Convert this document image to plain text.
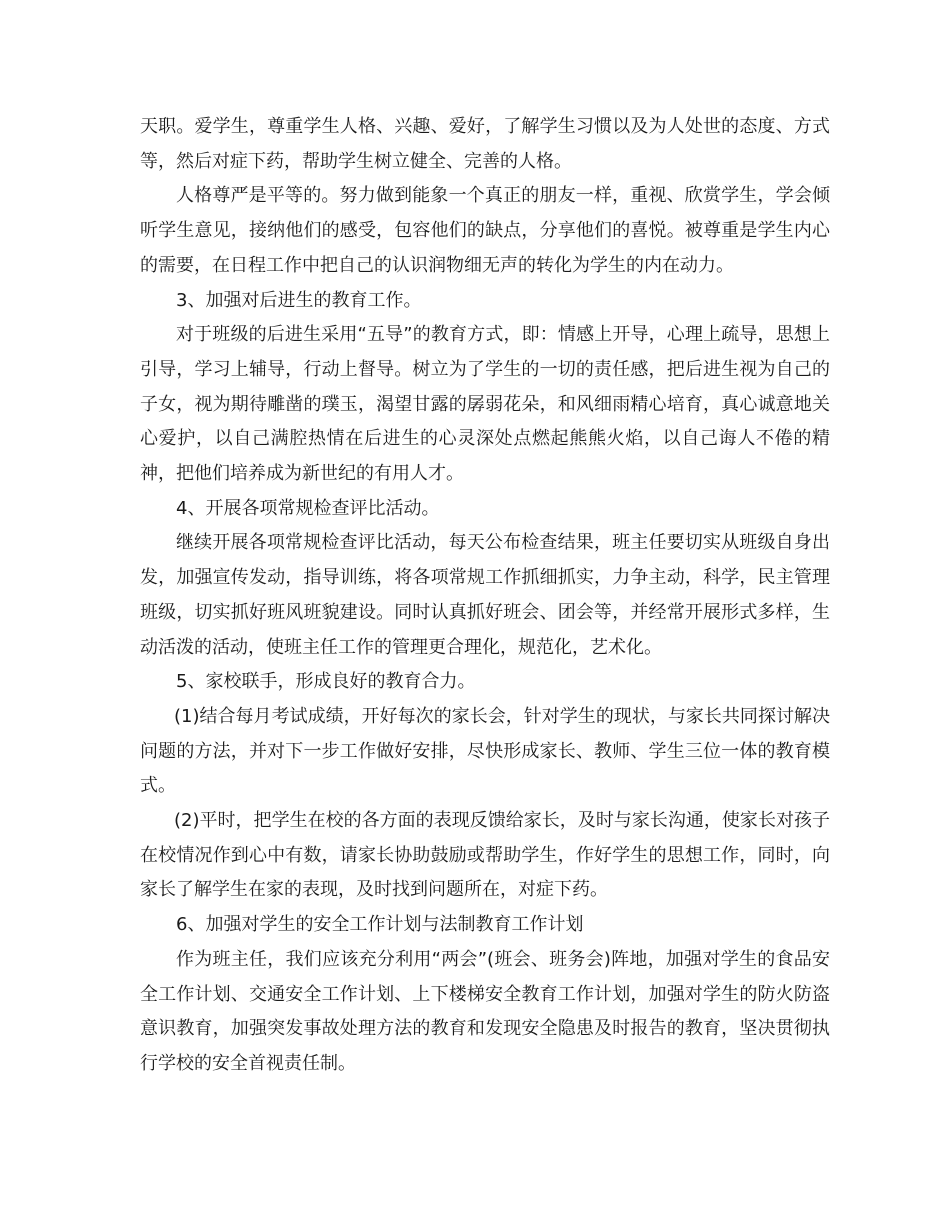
天职。爱学生，尊重学生人格、兴趣、爱好，了解学生习惯以及为人处世的态度、方式等，然后对症下药，帮助学生树立健全、完善的人格。

人格尊严是平等的。努力做到能象一个真正的朋友一样，重视、欣赏学生，学会倾听学生意见，接纳他们的感受，包容他们的缺点，分享他们的喜悦。被尊重是学生内心的需要，在日程工作中把自己的认识润物细无声的转化为学生的内在动力。

3、加强对后进生的教育工作。

对于班级的后进生采用“五导”的教育方式，即：情感上开导，心理上疏导，思想上引导，学习上辅导，行动上督导。树立为了学生的一切的责任感，把后进生视为自己的子女，视为期待雕凿的璞玉，渴望甘露的孱弱花朵，和风细雨精心培育，真心诚意地关心爱护，以自己满腔热情在后进生的心灵深处点燃起熊熊火焰，以自己诲人不倦的精神，把他们培养成为新世纪的有用人才。

4、开展各项常规检查评比活动。

继续开展各项常规检查评比活动，每天公布检查结果，班主任要切实从班级自身出发，加强宣传发动，指导训练，将各项常规工作抓细抓实，力争主动，科学，民主管理班级，切实抓好班风班貌建设。同时认真抓好班会、团会等，并经常开展形式多样，生动活泼的活动，使班主任工作的管理更合理化，规范化，艺术化。

5、家校联手，形成良好的教育合力。

(1)结合每月考试成绩，开好每次的家长会，针对学生的现状，与家长共同探讨解决问题的方法，并对下一步工作做好安排，尽快形成家长、教师、学生三位一体的教育模式。

(2)平时，把学生在校的各方面的表现反馈给家长，及时与家长沟通，使家长对孩子在校情况作到心中有数，请家长协助鼓励或帮助学生，作好学生的思想工作，同时，向家长了解学生在家的表现，及时找到问题所在，对症下药。

6、加强对学生的安全工作计划与法制教育工作计划

作为班主任，我们应该充分利用“两会”(班会、班务会)阵地，加强对学生的食品安全工作计划、交通安全工作计划、上下楼梯安全教育工作计划，加强对学生的防火防盗意识教育，加强突发事故处理方法的教育和发现安全隐患及时报告的教育，坚决贯彻执行学校的安全首视责任制。
